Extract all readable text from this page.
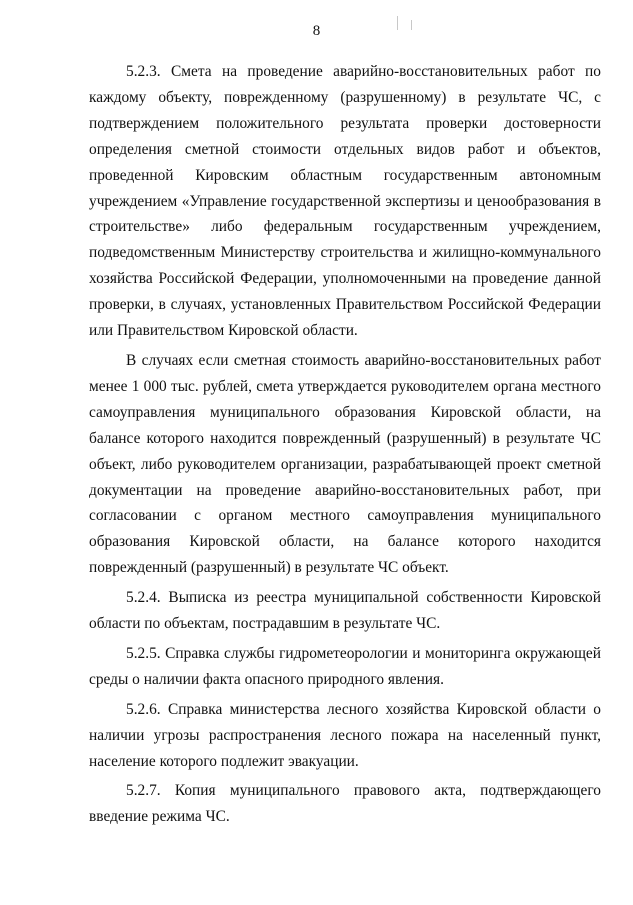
8

5.2.3. Смета на проведение аварийно-восстановительных работ по каждому объекту, поврежденному (разрушенному) в результате ЧС, с подтверждением положительного результата проверки достоверности определения сметной стоимости отдельных видов работ и объектов, проведенной Кировским областным государственным автономным учреждением «Управление государственной экспертизы и ценообразования в строительстве» либо федеральным государственным учреждением, подведомственным Министерству строительства и жилищно-коммунального хозяйства Российской Федерации, уполномоченными на проведение данной проверки, в случаях, установленных Правительством Российской Федерации или Правительством Кировской области.

В случаях если сметная стоимость аварийно-восстановительных работ менее 1 000 тыс. рублей, смета утверждается руководителем органа местного самоуправления муниципального образования Кировской области, на балансе которого находится поврежденный (разрушенный) в результате ЧС объект, либо руководителем организации, разрабатывающей проект сметной документации на проведение аварийно-восстановительных работ, при согласовании с органом местного самоуправления муниципального образования Кировской области, на балансе которого находится поврежденный (разрушенный) в результате ЧС объект.

5.2.4. Выписка из реестра муниципальной собственности Кировской области по объектам, пострадавшим в результате ЧС.

5.2.5. Справка службы гидрометеорологии и мониторинга окружающей среды о наличии факта опасного природного явления.

5.2.6. Справка министерства лесного хозяйства Кировской области о наличии угрозы распространения лесного пожара на населенный пункт, население которого подлежит эвакуации.

5.2.7. Копия муниципального правового акта, подтверждающего введение режима ЧС.
